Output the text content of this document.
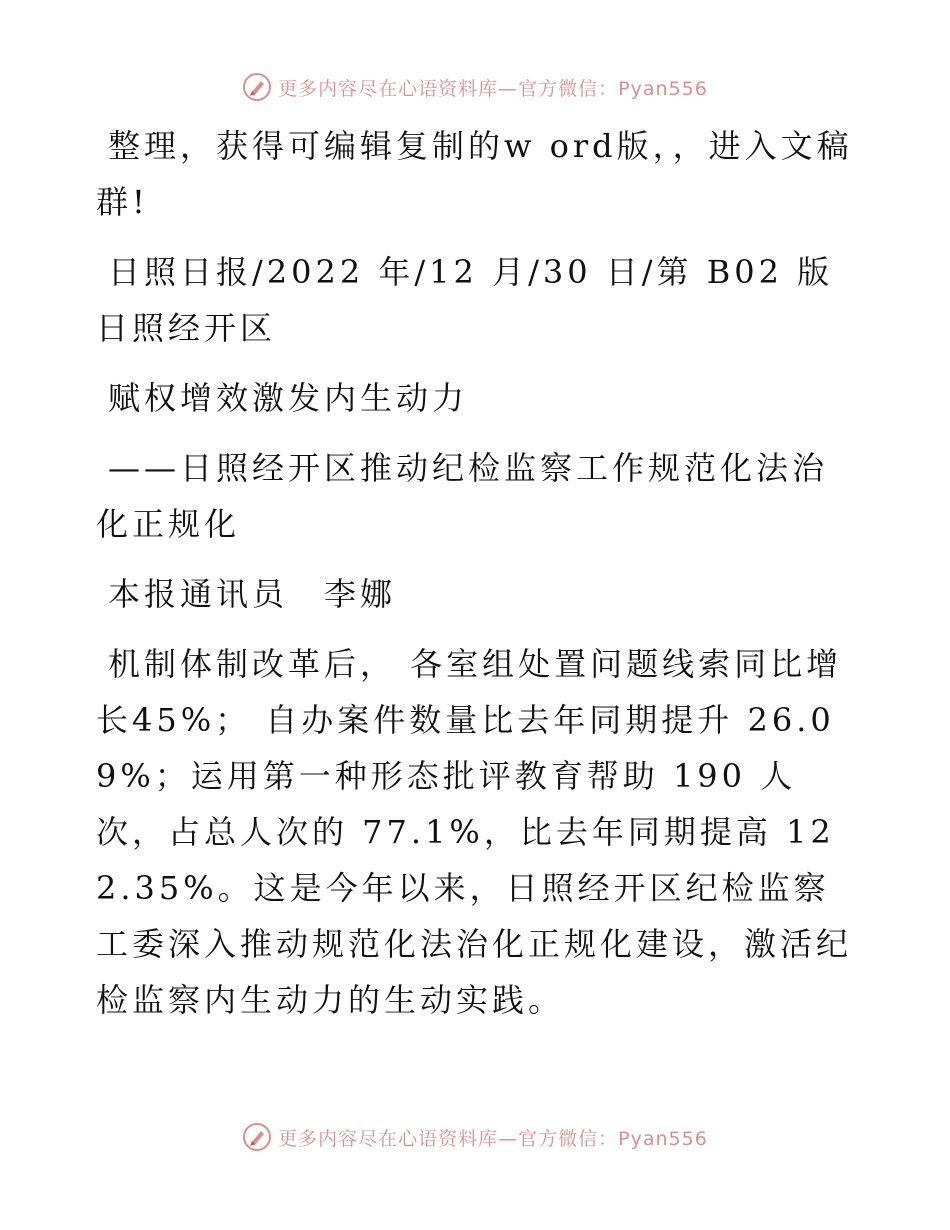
更多内容尽在心语资料库—官方微信：Pyan556

整理，获得可编辑复制的w ord版，，进入文稿群!

日照日报/2022 年/12 月/30 日/第 B02 版日照经开区

赋权增效激发内生动力

——日照经开区推动纪检监察工作规范化法治化正规化

本报通讯员　李娜

机制体制改革后， 各室组处置问题线索同比增长45%； 自办案件数量比去年同期提升 26.09%；运用第一种形态批评教育帮助 190 人次，占总人次的 77.1%，比去年同期提高 122.35%。这是今年以来，日照经开区纪检监察工委深入推动规范化法治化正规化建设，激活纪检监察内生动力的生动实践。

更多内容尽在心语资料库—官方微信：Pyan556
